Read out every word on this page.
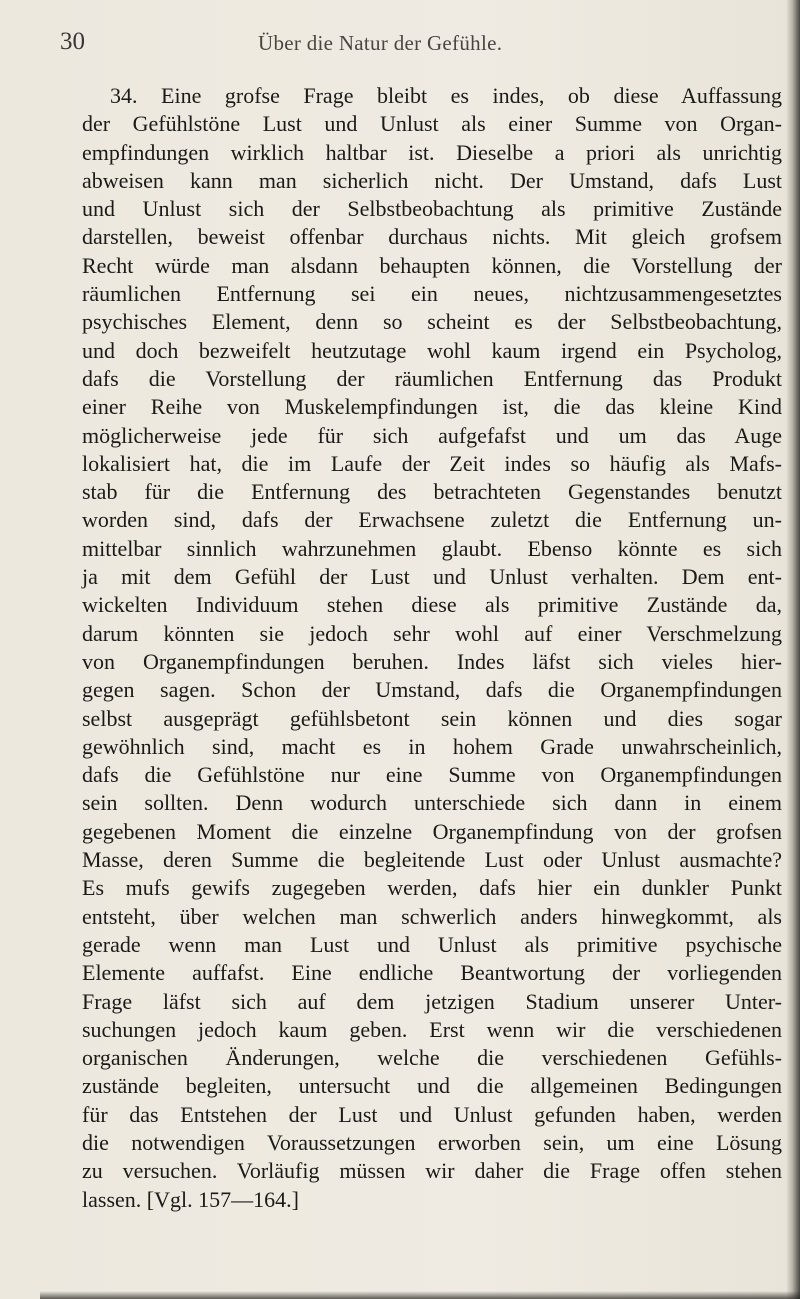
30	Über die Natur der Gefühle.
34. Eine grofse Frage bleibt es indes, ob diese Auffassung
der Gefühlstöne Lust und Unlust als einer Summe von Organ-
empfindungen wirklich haltbar ist. Dieselbe a priori als unrichtig
abweisen kann man sicherlich nicht. Der Umstand, dafs Lust
und Unlust sich der Selbstbeobachtung als primitive Zustände
darstellen, beweist offenbar durchaus nichts. Mit gleich grofsem
Recht würde man alsdann behaupten können, die Vorstellung der
räumlichen Entfernung sei ein neues, nichtzusammengesetztes
psychisches Element, denn so scheint es der Selbstbeobachtung,
und doch bezweifelt heutzutage wohl kaum irgend ein Psycholog,
dafs die Vorstellung der räumlichen Entfernung das Produkt
einer Reihe von Muskelempfindungen ist, die das kleine Kind
möglicherweise jede für sich aufgefafst und um das Auge
lokalisiert hat, die im Laufe der Zeit indes so häufig als Mafs-
stab für die Entfernung des betrachteten Gegenstandes benutzt
worden sind, dafs der Erwachsene zuletzt die Entfernung un-
mittelbar sinnlich wahrzunehmen glaubt. Ebenso könnte es sich
ja mit dem Gefühl der Lust und Unlust verhalten. Dem ent-
wickelten Individuum stehen diese als primitive Zustände da,
darum könnten sie jedoch sehr wohl auf einer Verschmelzung
von Organempfindungen beruhen. Indes läfst sich vieles hier-
gegen sagen. Schon der Umstand, dafs die Organempfindungen
selbst ausgeprägt gefühlsbetont sein können und dies sogar
gewöhnlich sind, macht es in hohem Grade unwahrscheinlich,
dafs die Gefühlstöne nur eine Summe von Organempfindungen
sein sollten. Denn wodurch unterschiede sich dann in einem
gegebenen Moment die einzelne Organempfindung von der grofsen
Masse, deren Summe die begleitende Lust oder Unlust ausmachte?
Es mufs gewifs zugegeben werden, dafs hier ein dunkler Punkt
entsteht, über welchen man schwerlich anders hinwegkommt, als
gerade wenn man Lust und Unlust als primitive psychische
Elemente auffafst. Eine endliche Beantwortung der vorliegenden
Frage läfst sich auf dem jetzigen Stadium unserer Unter-
suchungen jedoch kaum geben. Erst wenn wir die verschiedenen
organischen Änderungen, welche die verschiedenen Gefühls-
zustände begleiten, untersucht und die allgemeinen Bedingungen
für das Entstehen der Lust und Unlust gefunden haben, werden
die notwendigen Voraussetzungen erworben sein, um eine Lösung
zu versuchen. Vorläufig müssen wir daher die Frage offen stehen
lassen. [Vgl. 157—164.]
